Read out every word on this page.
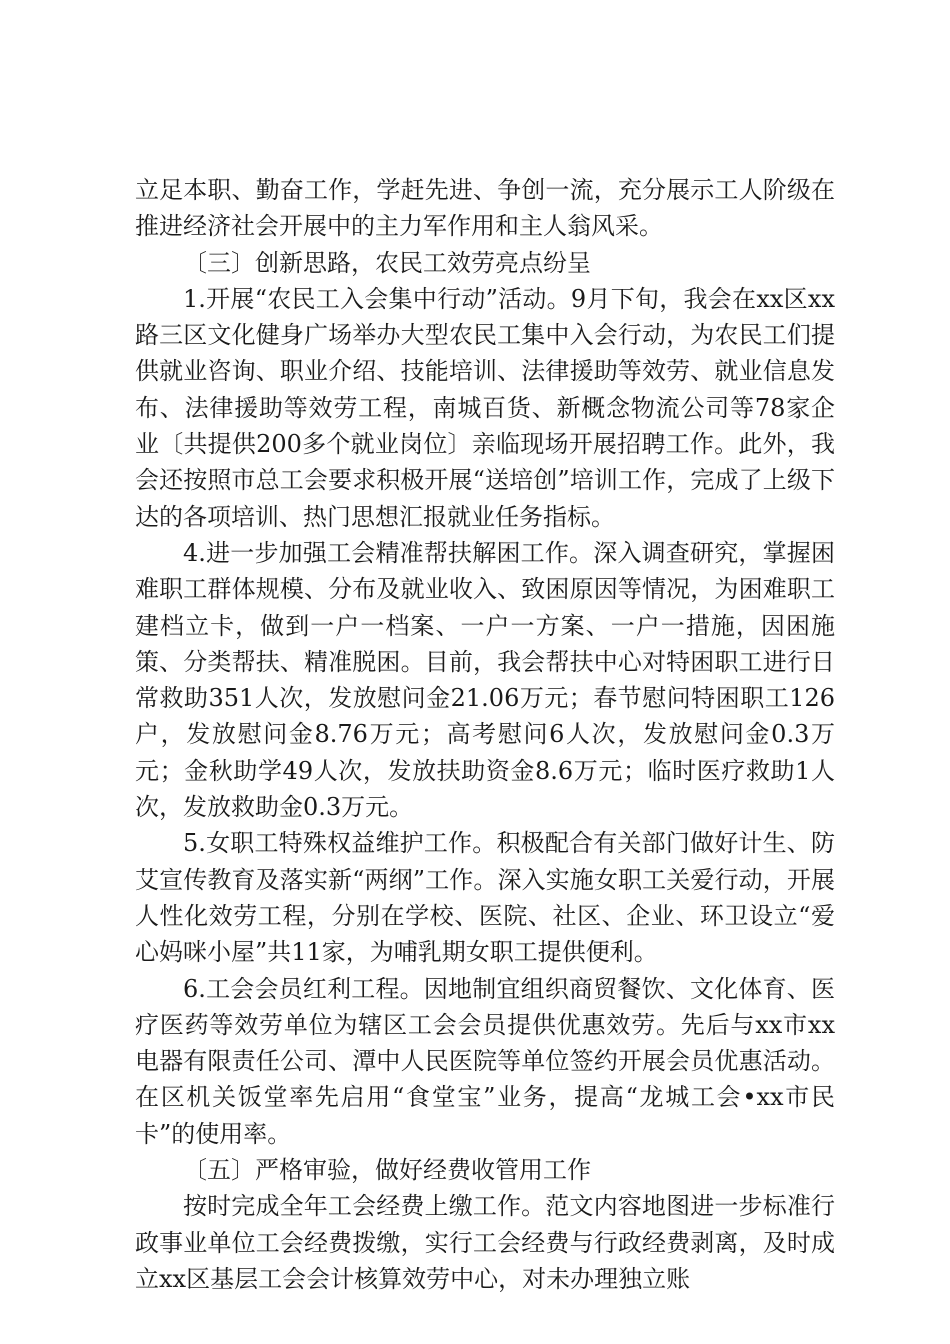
立足本职、勤奋工作，学赶先进、争创一流，充分展示工人阶级在推进经济社会开展中的主力军作用和主人翁风采。

〔三〕创新思路，农民工效劳亮点纷呈

1.开展“农民工入会集中行动”活动。9月下旬，我会在xx区xx路三区文化健身广场举办大型农民工集中入会行动，为农民工们提供就业咨询、职业介绍、技能培训、法律援助等效劳、就业信息发布、法律援助等效劳工程，南城百货、新概念物流公司等78家企业〔共提供200多个就业岗位〕亲临现场开展招聘工作。此外，我会还按照市总工会要求积极开展“送培创”培训工作，完成了上级下达的各项培训、热门思想汇报就业任务指标。

4.进一步加强工会精准帮扶解困工作。深入调查研究，掌握困难职工群体规模、分布及就业收入、致困原因等情况，为困难职工建档立卡，做到一户一档案、一户一方案、一户一措施，因困施策、分类帮扶、精准脱困。目前，我会帮扶中心对特困职工进行日常救助351人次，发放慰问金21.06万元；春节慰问特困职工126户，发放慰问金8.76万元；高考慰问6人次，发放慰问金0.3万元；金秋助学49人次，发放扶助资金8.6万元；临时医疗救助1人次，发放救助金0.3万元。

5.女职工特殊权益维护工作。积极配合有关部门做好计生、防艾宣传教育及落实新“两纲”工作。深入实施女职工关爱行动，开展人性化效劳工程，分别在学校、医院、社区、企业、环卫设立“爱心妈咪小屋”共11家，为哺乳期女职工提供便利。

6.工会会员红利工程。因地制宜组织商贸餐饮、文化体育、医疗医药等效劳单位为辖区工会会员提供优惠效劳。先后与xx市xx电器有限责任公司、潭中人民医院等单位签约开展会员优惠活动。在区机关饭堂率先启用“食堂宝”业务，提高“龙城工会•xx市民卡”的使用率。

〔五〕严格审验，做好经费收管用工作

按时完成全年工会经费上缴工作。范文内容地图进一步标准行政事业单位工会经费拨缴，实行工会经费与行政经费剥离，及时成立xx区基层工会会计核算效劳中心，对未办理独立账
